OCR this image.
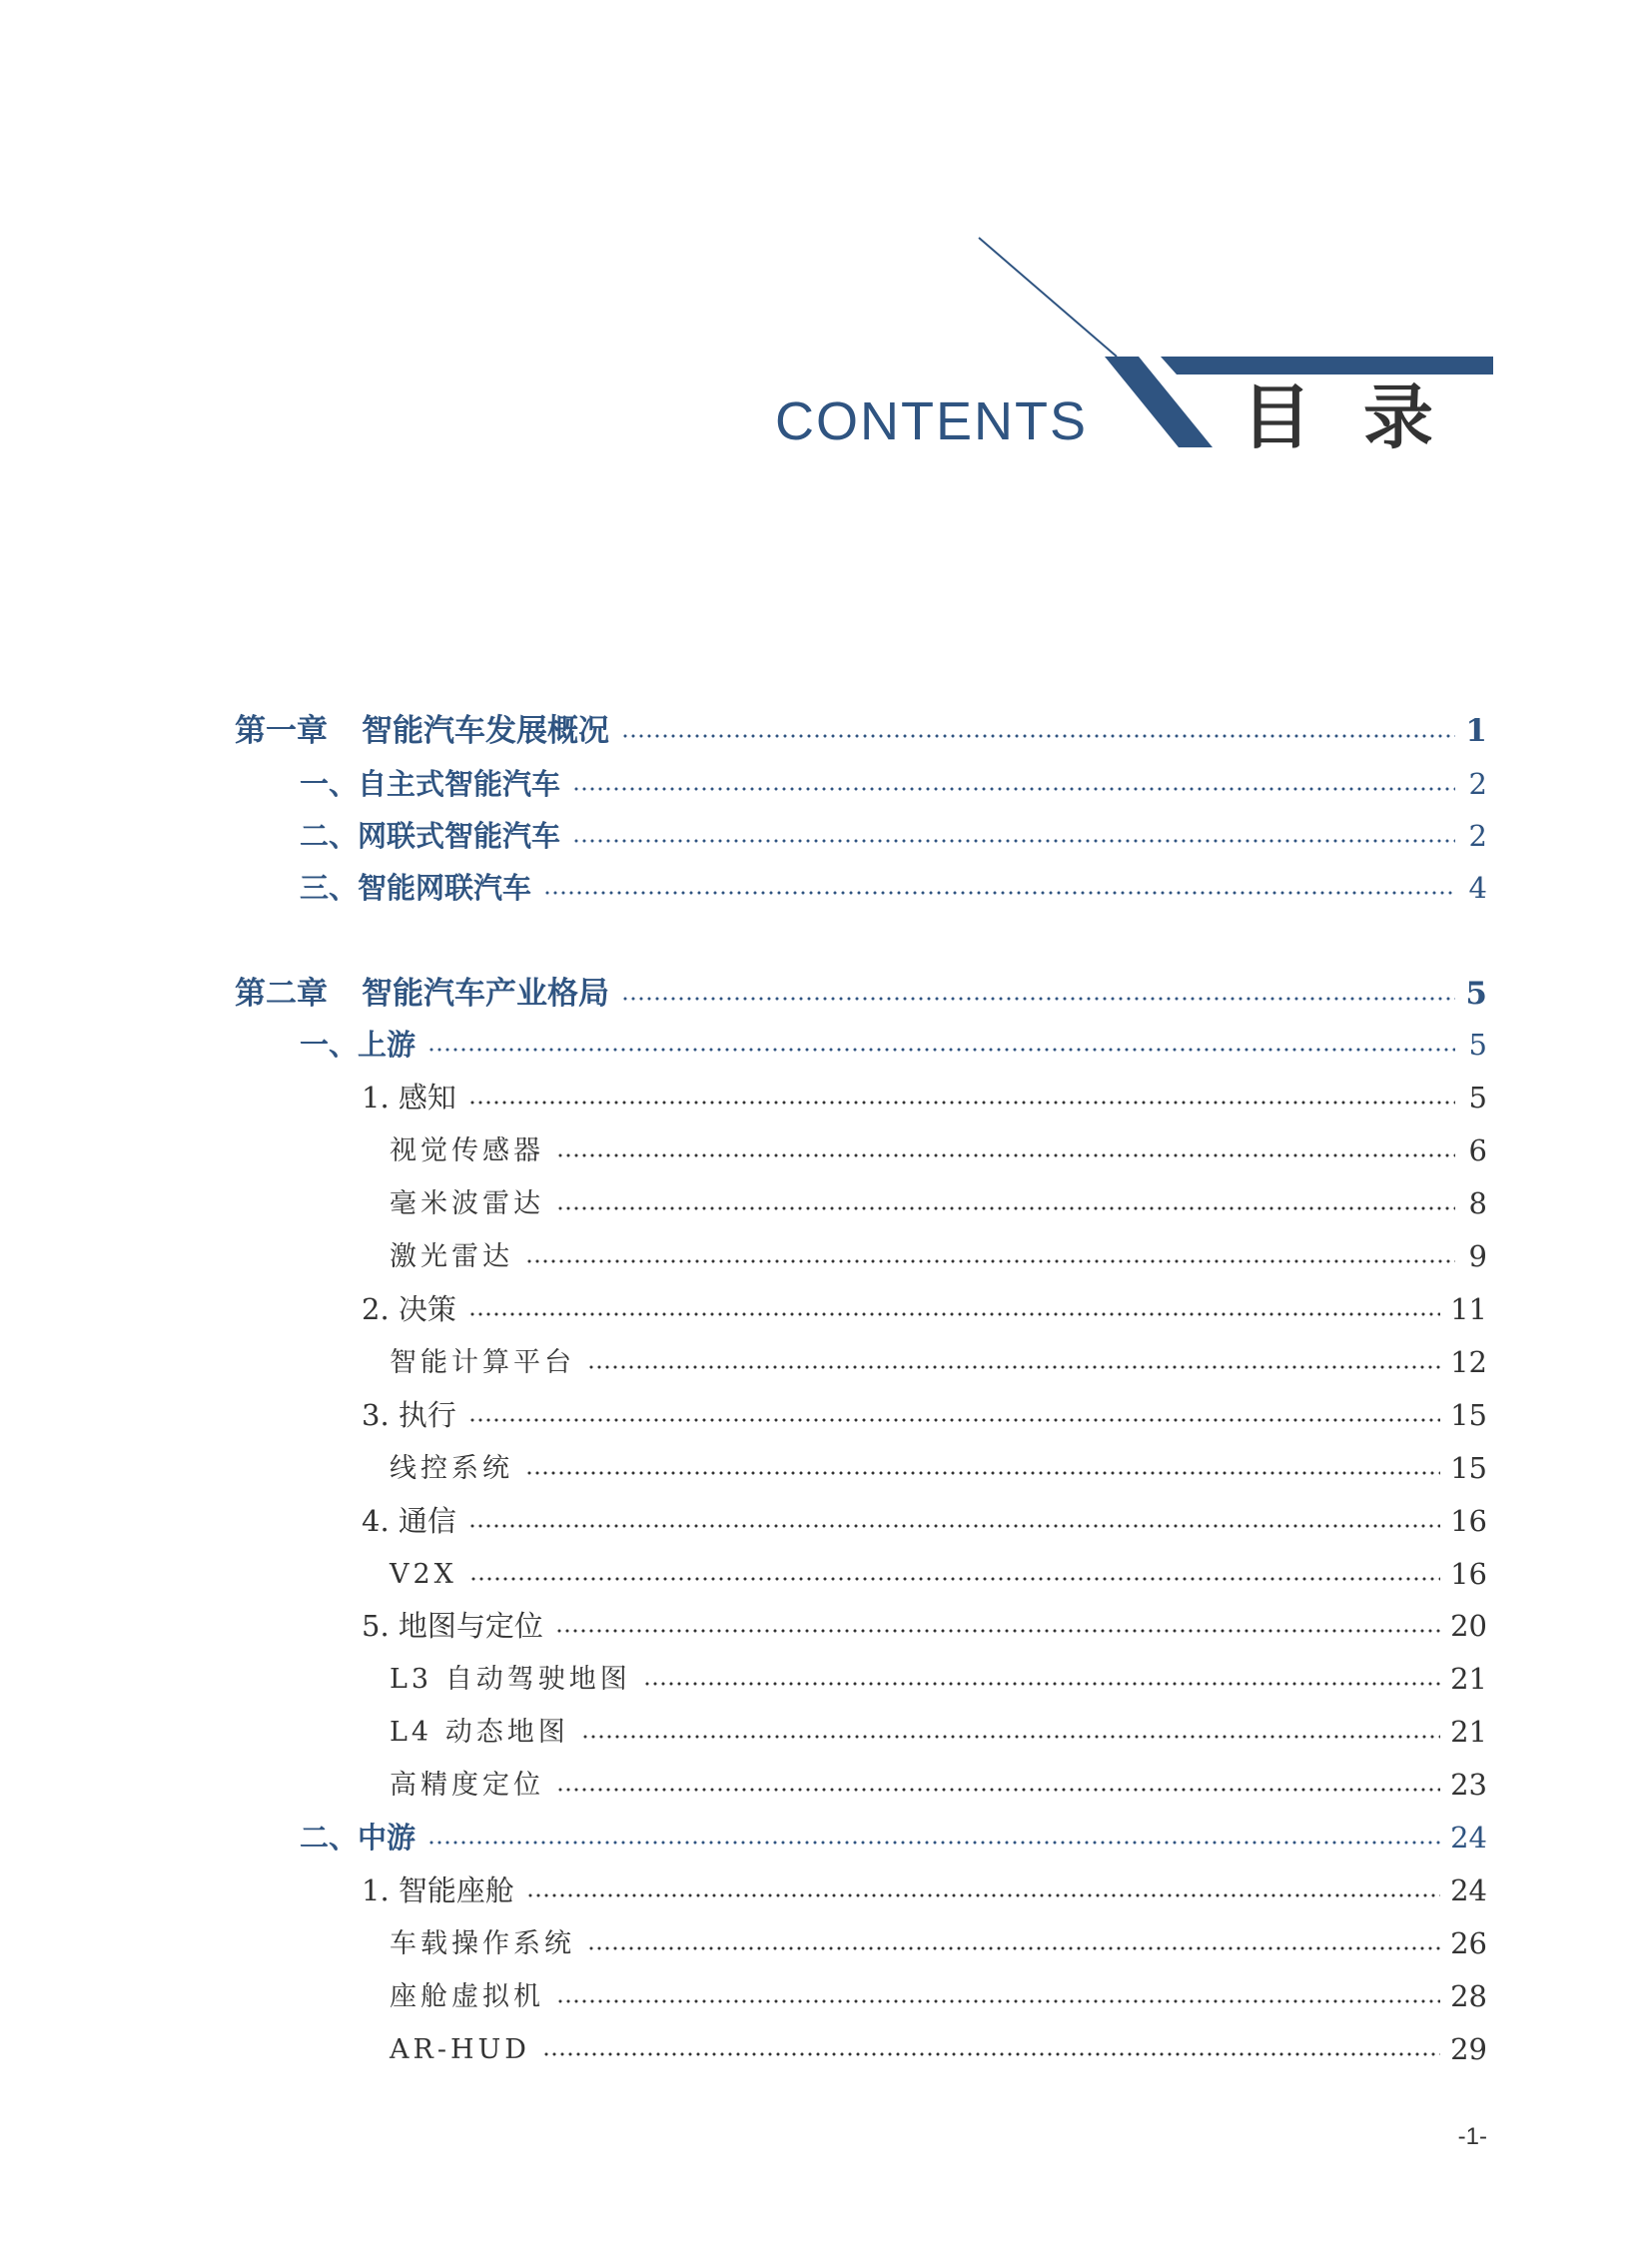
CONTENTS 目 录
第一章 智能汽车发展概况	1
一、自主式智能汽车	2
二、网联式智能汽车	2
三、智能网联汽车	4
第二章 智能汽车产业格局	5
一、上游	5
1. 感知	5
视觉传感器	6
毫米波雷达	8
激光雷达	9
2. 决策	11
智能计算平台	12
3. 执行	15
线控系统	15
4. 通信	16
V2X	16
5. 地图与定位	20
L3 自动驾驶地图	21
L4 动态地图	21
高精度定位	23
二、中游	24
1. 智能座舱	24
车载操作系统	26
座舱虚拟机	28
AR-HUD	29
-1-
